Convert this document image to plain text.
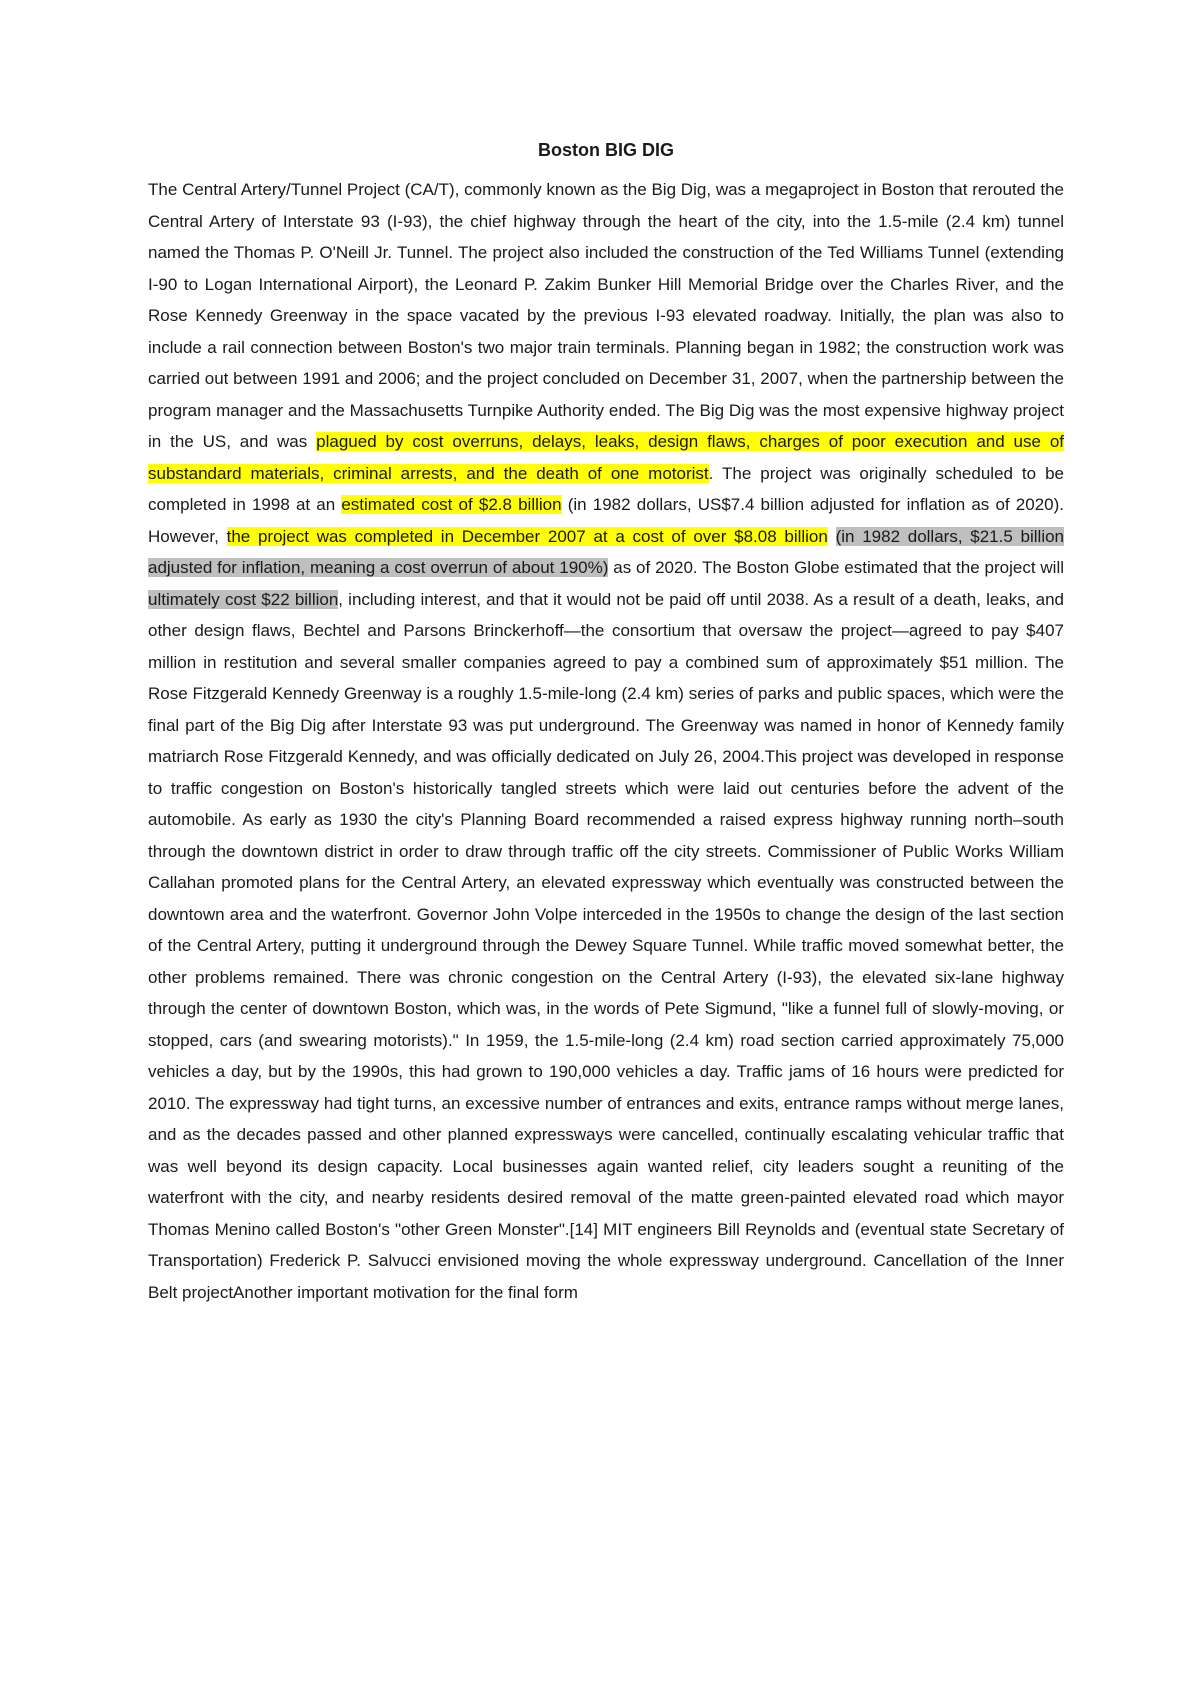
Boston BIG DIG

The Central Artery/Tunnel Project (CA/T), commonly known as the Big Dig, was a megaproject in Boston that rerouted the Central Artery of Interstate 93 (I-93), the chief highway through the heart of the city, into the 1.5-mile (2.4 km) tunnel named the Thomas P. O'Neill Jr. Tunnel. The project also included the construction of the Ted Williams Tunnel (extending I-90 to Logan International Airport), the Leonard P. Zakim Bunker Hill Memorial Bridge over the Charles River, and the Rose Kennedy Greenway in the space vacated by the previous I-93 elevated roadway. Initially, the plan was also to include a rail connection between Boston's two major train terminals. Planning began in 1982; the construction work was carried out between 1991 and 2006; and the project concluded on December 31, 2007, when the partnership between the program manager and the Massachusetts Turnpike Authority ended. The Big Dig was the most expensive highway project in the US, and was plagued by cost overruns, delays, leaks, design flaws, charges of poor execution and use of substandard materials, criminal arrests, and the death of one motorist. The project was originally scheduled to be completed in 1998 at an estimated cost of $2.8 billion (in 1982 dollars, US$7.4 billion adjusted for inflation as of 2020). However, the project was completed in December 2007 at a cost of over $8.08 billion (in 1982 dollars, $21.5 billion adjusted for inflation, meaning a cost overrun of about 190%) as of 2020. The Boston Globe estimated that the project will ultimately cost $22 billion, including interest, and that it would not be paid off until 2038. As a result of a death, leaks, and other design flaws, Bechtel and Parsons Brinckerhoff—the consortium that oversaw the project—agreed to pay $407 million in restitution and several smaller companies agreed to pay a combined sum of approximately $51 million. The Rose Fitzgerald Kennedy Greenway is a roughly 1.5-mile-long (2.4 km) series of parks and public spaces, which were the final part of the Big Dig after Interstate 93 was put underground. The Greenway was named in honor of Kennedy family matriarch Rose Fitzgerald Kennedy, and was officially dedicated on July 26, 2004.This project was developed in response to traffic congestion on Boston's historically tangled streets which were laid out centuries before the advent of the automobile. As early as 1930 the city's Planning Board recommended a raised express highway running north–south through the downtown district in order to draw through traffic off the city streets. Commissioner of Public Works William Callahan promoted plans for the Central Artery, an elevated expressway which eventually was constructed between the downtown area and the waterfront. Governor John Volpe interceded in the 1950s to change the design of the last section of the Central Artery, putting it underground through the Dewey Square Tunnel. While traffic moved somewhat better, the other problems remained. There was chronic congestion on the Central Artery (I-93), the elevated six-lane highway through the center of downtown Boston, which was, in the words of Pete Sigmund, "like a funnel full of slowly-moving, or stopped, cars (and swearing motorists)." In 1959, the 1.5-mile-long (2.4 km) road section carried approximately 75,000 vehicles a day, but by the 1990s, this had grown to 190,000 vehicles a day. Traffic jams of 16 hours were predicted for 2010. The expressway had tight turns, an excessive number of entrances and exits, entrance ramps without merge lanes, and as the decades passed and other planned expressways were cancelled, continually escalating vehicular traffic that was well beyond its design capacity. Local businesses again wanted relief, city leaders sought a reuniting of the waterfront with the city, and nearby residents desired removal of the matte green-painted elevated road which mayor Thomas Menino called Boston's "other Green Monster".[14] MIT engineers Bill Reynolds and (eventual state Secretary of Transportation) Frederick P. Salvucci envisioned moving the whole expressway underground. Cancellation of the Inner Belt projectAnother important motivation for the final form
